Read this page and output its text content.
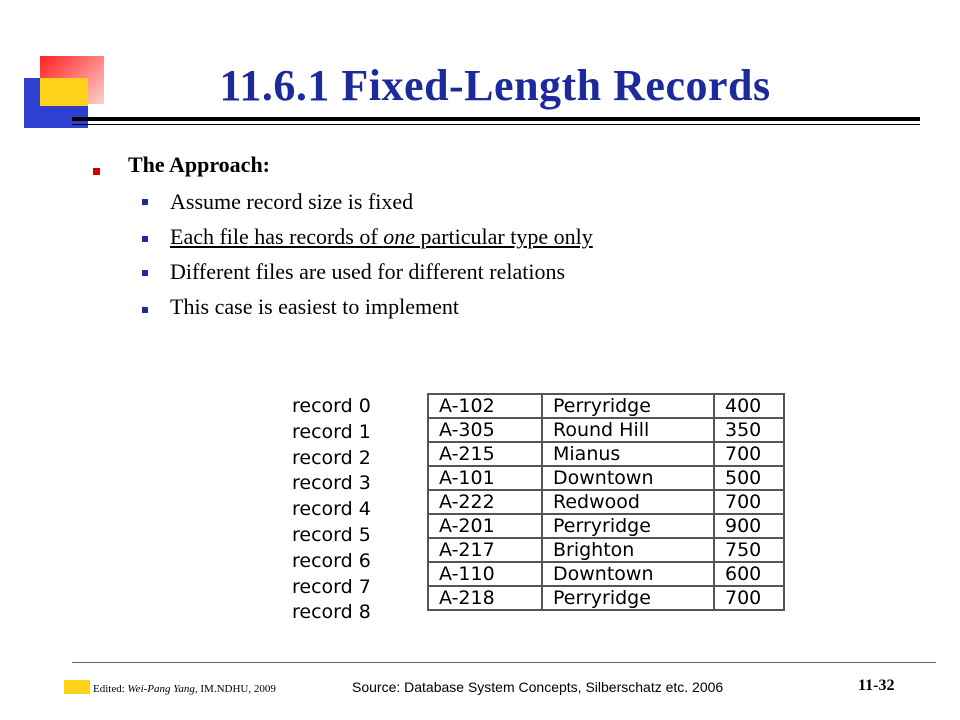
11.6.1 Fixed-Length Records
The Approach:
Assume record size is fixed
Each file has records of one particular type only
Different files are used for different relations
This case is easiest to implement
record 0
record 1
record 2
record 3
record 4
record 5
record 6
record 7
record 8
A-102	Perryridge	400
A-305	Round Hill	350
A-215	Mianus	700
A-101	Downtown	500
A-222	Redwood	700
A-201	Perryridge	900
A-217	Brighton	750
A-110	Downtown	600
A-218	Perryridge	700
Edited: Wei-Pang Yang, IM.NDHU, 2009	Source: Database System Concepts, Silberschatz etc. 2006	11-32
